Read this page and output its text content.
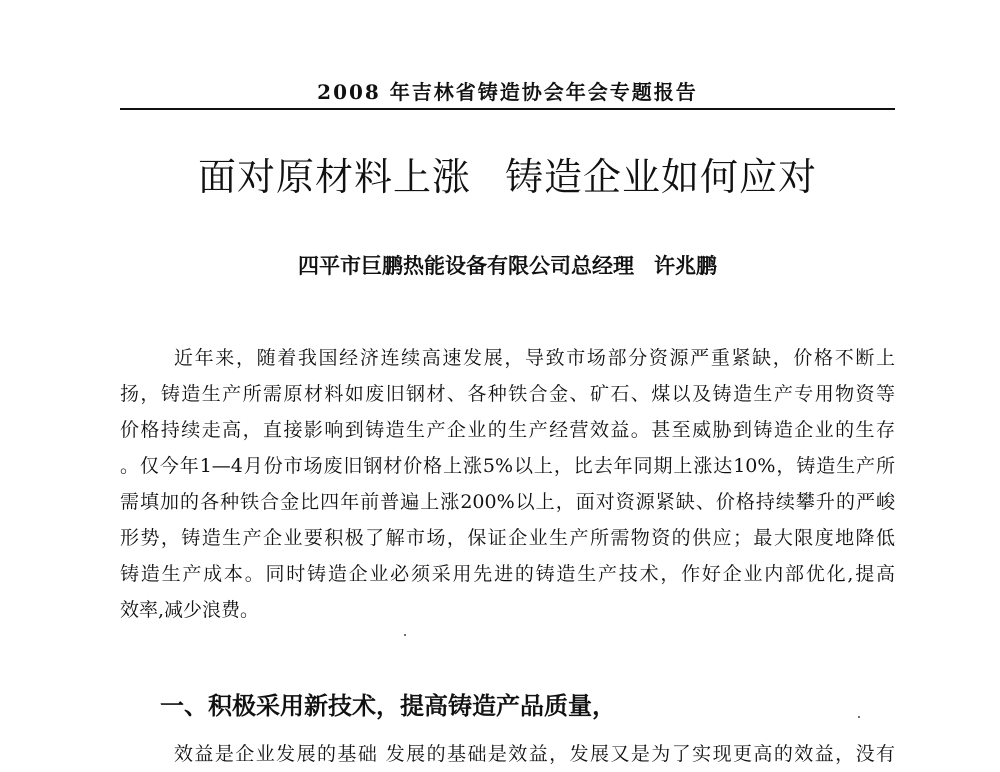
2008 年吉林省铸造协会年会专题报告
面对原材料上涨 铸造企业如何应对
四平市巨鹏热能设备有限公司总经理 许兆鹏
近年来，随着我国经济连续高速发展，导致市场部分资源严重紧缺，价格不断上
扬，铸造生产所需原材料如废旧钢材、各种铁合金、矿石、煤以及铸造生产专用物资等
价格持续走高，直接影响到铸造生产企业的生产经营效益。甚至威胁到铸造企业的生存
。仅今年1—4月份市场废旧钢材价格上涨5%以上，比去年同期上涨达10%，铸造生产所
需填加的各种铁合金比四年前普遍上涨200%以上，面对资源紧缺、价格持续攀升的严峻
形势，铸造生产企业要积极了解市场，保证企业生产所需物资的供应；最大限度地降低
铸造生产成本。同时铸造企业必须采用先进的铸造生产技术，作好企业内部优化,提高
效率,减少浪费。
一、积极采用新技术，提高铸造产品质量，
效益是企业发展的基础 发展的基础是效益，发展又是为了实现更高的效益，没有
